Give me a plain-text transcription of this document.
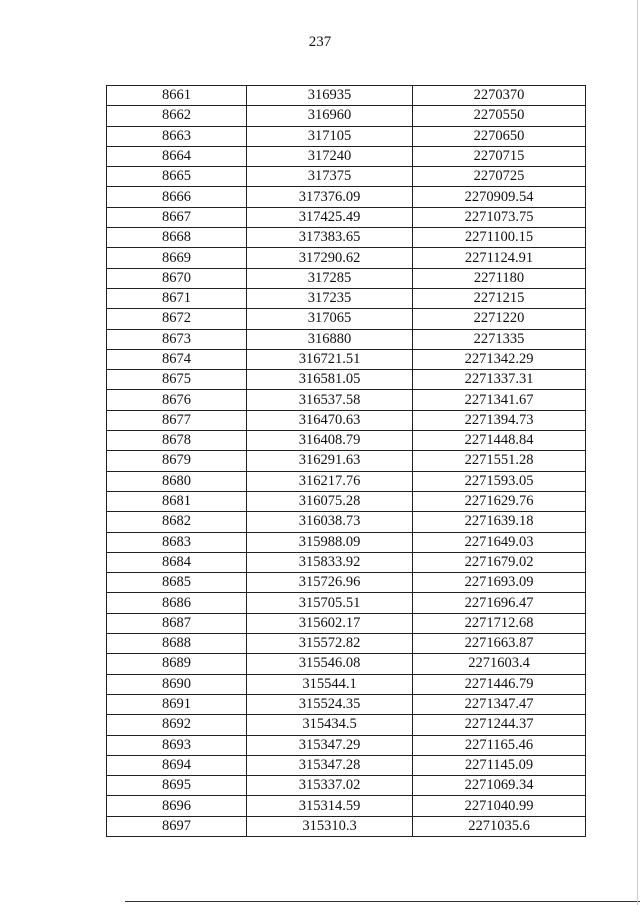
237
8661	316935	2270370
8662	316960	2270550
8663	317105	2270650
8664	317240	2270715
8665	317375	2270725
8666	317376.09	2270909.54
8667	317425.49	2271073.75
8668	317383.65	2271100.15
8669	317290.62	2271124.91
8670	317285	2271180
8671	317235	2271215
8672	317065	2271220
8673	316880	2271335
8674	316721.51	2271342.29
8675	316581.05	2271337.31
8676	316537.58	2271341.67
8677	316470.63	2271394.73
8678	316408.79	2271448.84
8679	316291.63	2271551.28
8680	316217.76	2271593.05
8681	316075.28	2271629.76
8682	316038.73	2271639.18
8683	315988.09	2271649.03
8684	315833.92	2271679.02
8685	315726.96	2271693.09
8686	315705.51	2271696.47
8687	315602.17	2271712.68
8688	315572.82	2271663.87
8689	315546.08	2271603.4
8690	315544.1	2271446.79
8691	315524.35	2271347.47
8692	315434.5	2271244.37
8693	315347.29	2271165.46
8694	315347.28	2271145.09
8695	315337.02	2271069.34
8696	315314.59	2271040.99
8697	315310.3	2271035.6
